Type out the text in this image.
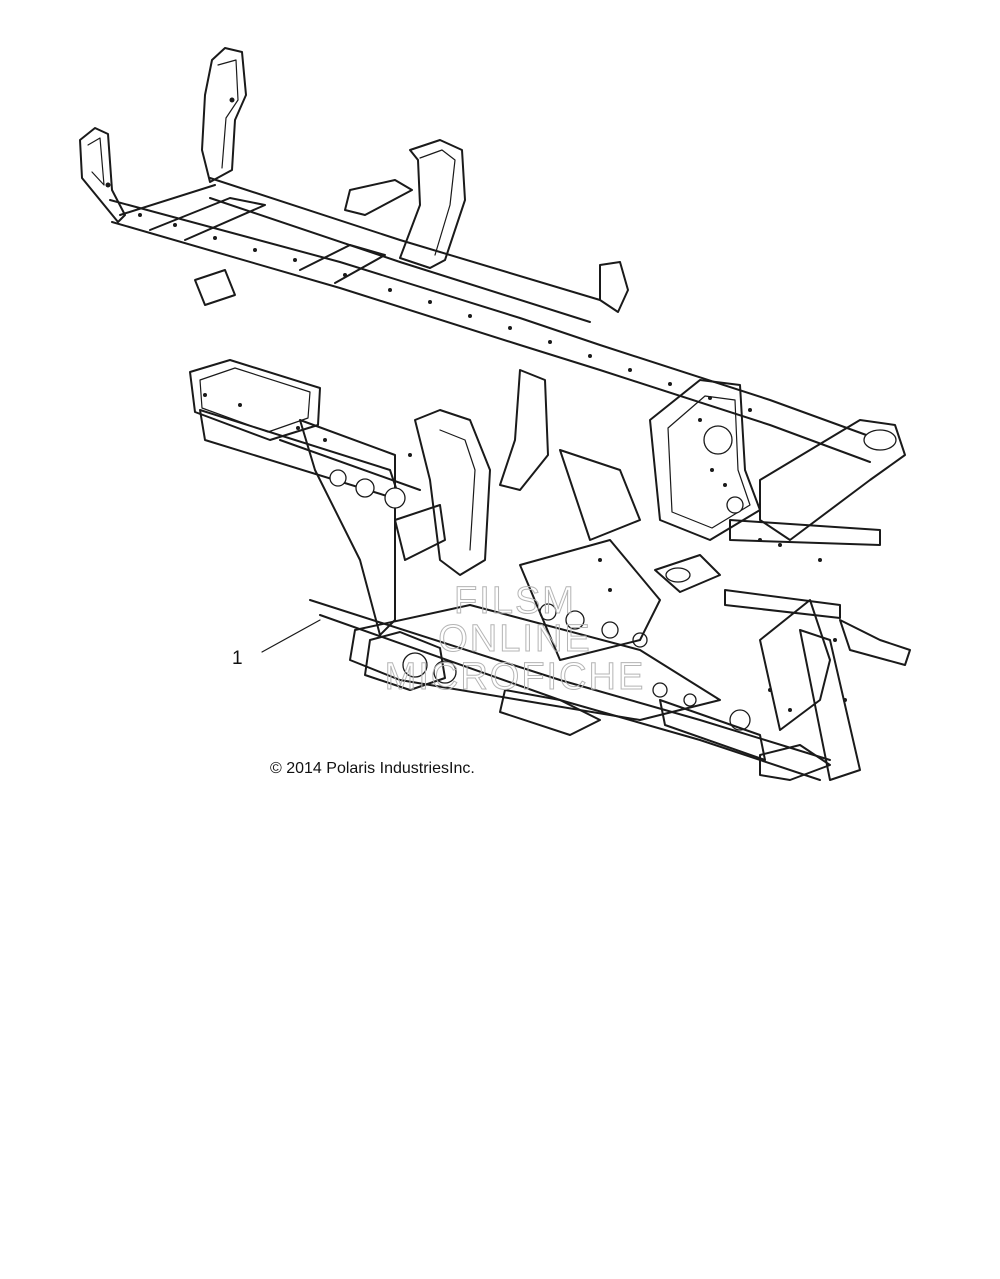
1
FILSM
ONLINE
MICROFICHE
© 2014 Polaris IndustriesInc.
